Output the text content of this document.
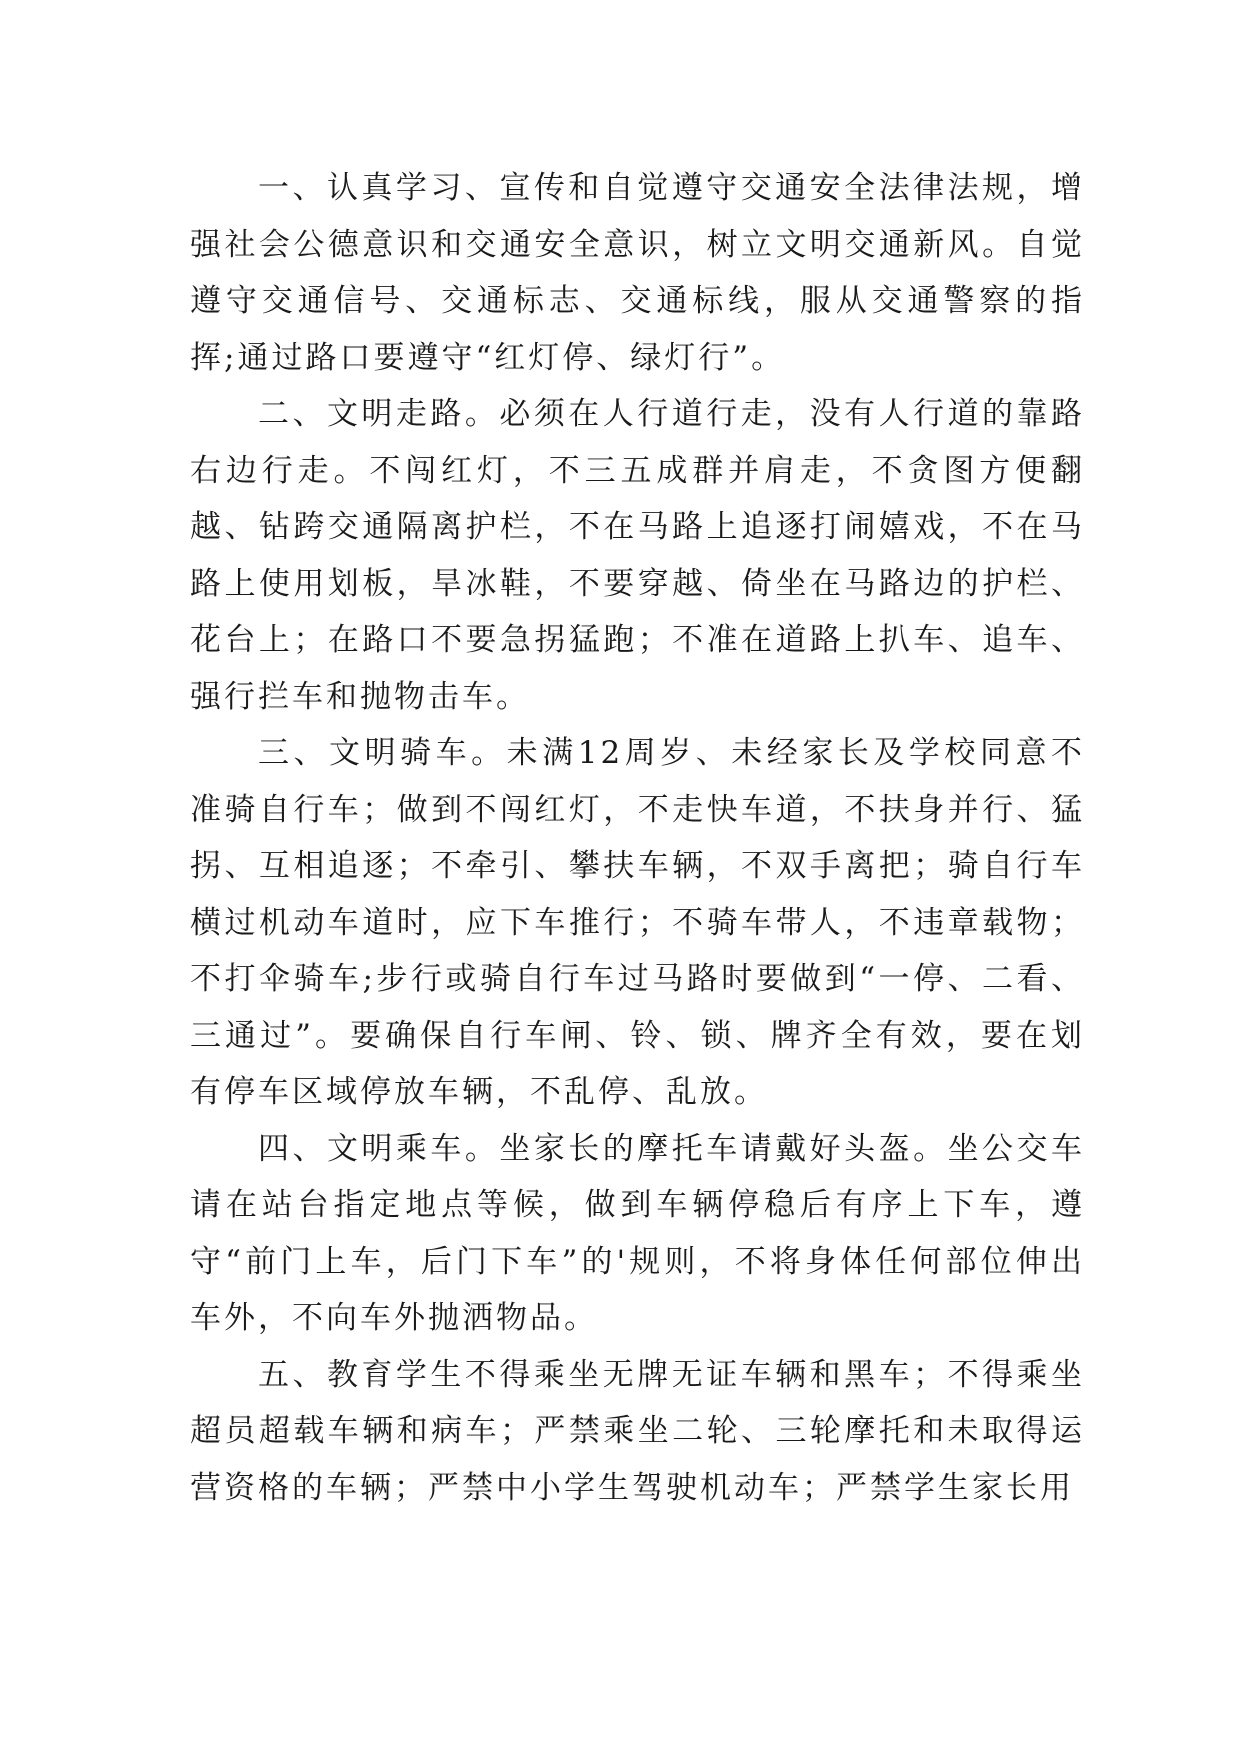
一、认真学习、宣传和自觉遵守交通安全法律法规，增强社会公德意识和交通安全意识，树立文明交通新风。自觉遵守交通信号、交通标志、交通标线，服从交通警察的指挥;通过路口要遵守“红灯停、绿灯行”。

二、文明走路。必须在人行道行走，没有人行道的靠路右边行走。不闯红灯，不三五成群并肩走，不贪图方便翻越、钻跨交通隔离护栏，不在马路上追逐打闹嬉戏，不在马路上使用划板，旱冰鞋，不要穿越、倚坐在马路边的护栏、花台上；在路口不要急拐猛跑；不准在道路上扒车、追车、强行拦车和抛物击车。

三、文明骑车。未满12周岁、未经家长及学校同意不准骑自行车；做到不闯红灯，不走快车道，不扶身并行、猛拐、互相追逐；不牵引、攀扶车辆，不双手离把；骑自行车横过机动车道时，应下车推行；不骑车带人，不违章载物；不打伞骑车;步行或骑自行车过马路时要做到“一停、二看、三通过”。要确保自行车闸、铃、锁、牌齐全有效，要在划有停车区域停放车辆，不乱停、乱放。

四、文明乘车。坐家长的摩托车请戴好头盔。坐公交车请在站台指定地点等候，做到车辆停稳后有序上下车，遵守“前门上车，后门下车”的'规则，不将身体任何部位伸出车外，不向车外抛洒物品。

五、教育学生不得乘坐无牌无证车辆和黑车；不得乘坐超员超载车辆和病车；严禁乘坐二轮、三轮摩托和未取得运营资格的车辆；严禁中小学生驾驶机动车；严禁学生家长用
